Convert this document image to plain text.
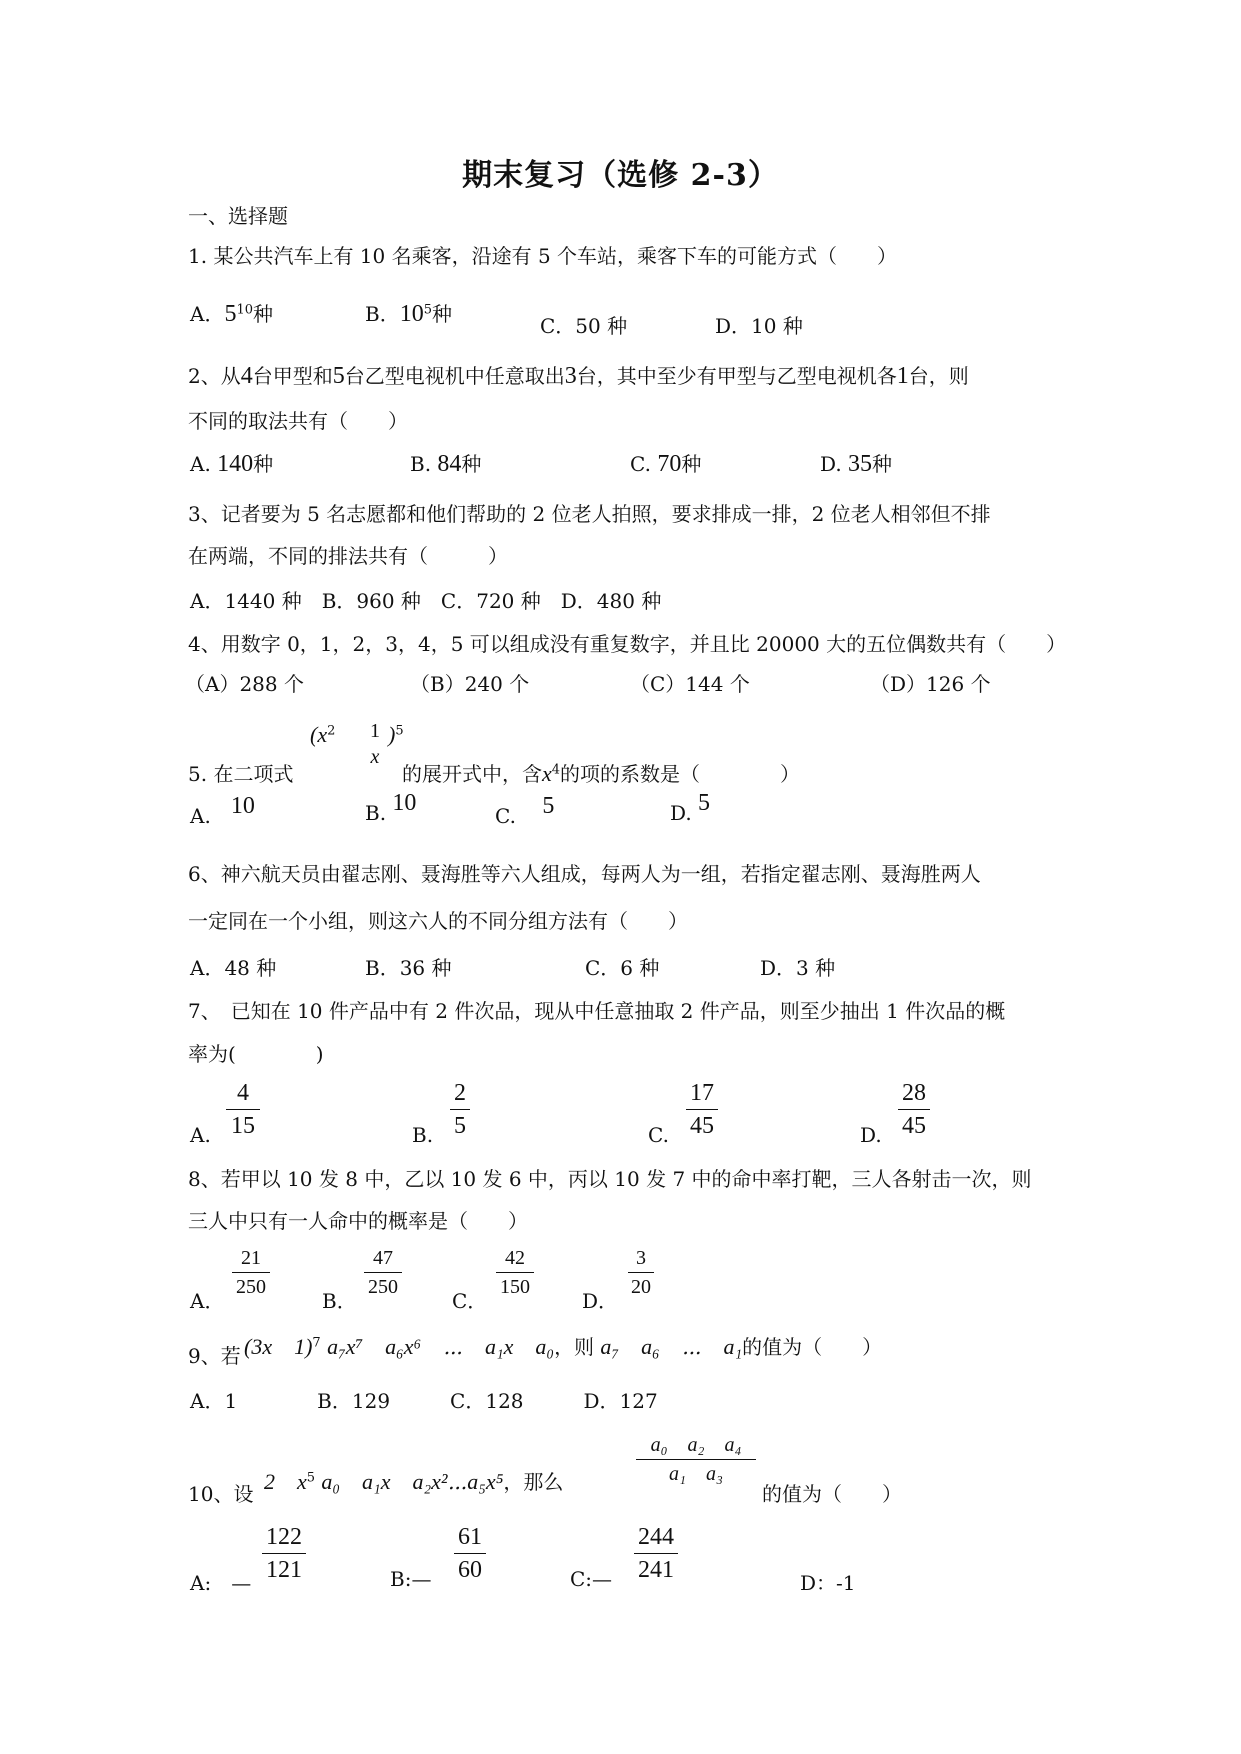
期末复习（选修 2-3）
一、选择题
1. 某公共汽车上有 10 名乘客，沿途有 5 个车站，乘客下车的可能方式（　　）
A．$5^{10}$种	B．$10^5$种	C．50 种	D．10 种
2、从4台甲型和5台乙型电视机中任意取出3台，其中至少有甲型与乙型电视机各1台，则
不同的取法共有（　　）
A. 140种	B. 84种	C. 70种	D. 35种
3、记者要为 5 名志愿都和他们帮助的 2 位老人拍照，要求排成一排，2 位老人相邻但不排
在两端，不同的排法共有（　　　）
A．1440 种　B．960 种　C．720 种　D．480 种
4、用数字 0，1，2，3，4，5 可以组成没有重复数字，并且比 20000 大的五位偶数共有（　　）
（A）288 个	（B）240 个	（C）144 个	（D）126 个
5. 在二项式
($x^2$	1
x
)$^5$
的展开式中，含$x^4$的项的系数是（　　　　）
A.　 10	B. 10	C.　 5	D. 5
6、神六航天员由翟志刚、聂海胜等六人组成，每两人为一组，若指定翟志刚、聂海胜两人
一定同在一个小组，则这六人的不同分组方法有（　　）
A．48 种	B．36 种	C．6 种	D．3 种
7、　已知在 10 件产品中有 2 件次品，现从中任意抽取 2 件产品，则至少抽出 1 件次品的概
率为(　　　　)
A.
4
15	B.
2
5	C.
17
45	D.
28
45
8、若甲以 10 发 8 中，乙以 10 发 6 中，丙以 10 发 7 中的命中率打靶，三人各射击一次，则
三人中只有一人命中的概率是（　　）
A．
21
250
B．
47
250
C．
42
150
D．
3
20
9、若 (3x　1)$^7$ a₇x⁷　a₆x⁶　⋯　a₁x　a₀，则 a₇　a₆　⋯　a₁的值为（　　）
A．1　　　　B．129　　　C．128　　　D．127
10、设 2　$x^5$ a₀　a₁x　a₂x²⋯a₅x⁵，那么
a₀　a₂　a₄
a₁　a₃
的值为（　　）
A:　 —
122
121	B:—
61
60	C:—
244
241	D：-1
